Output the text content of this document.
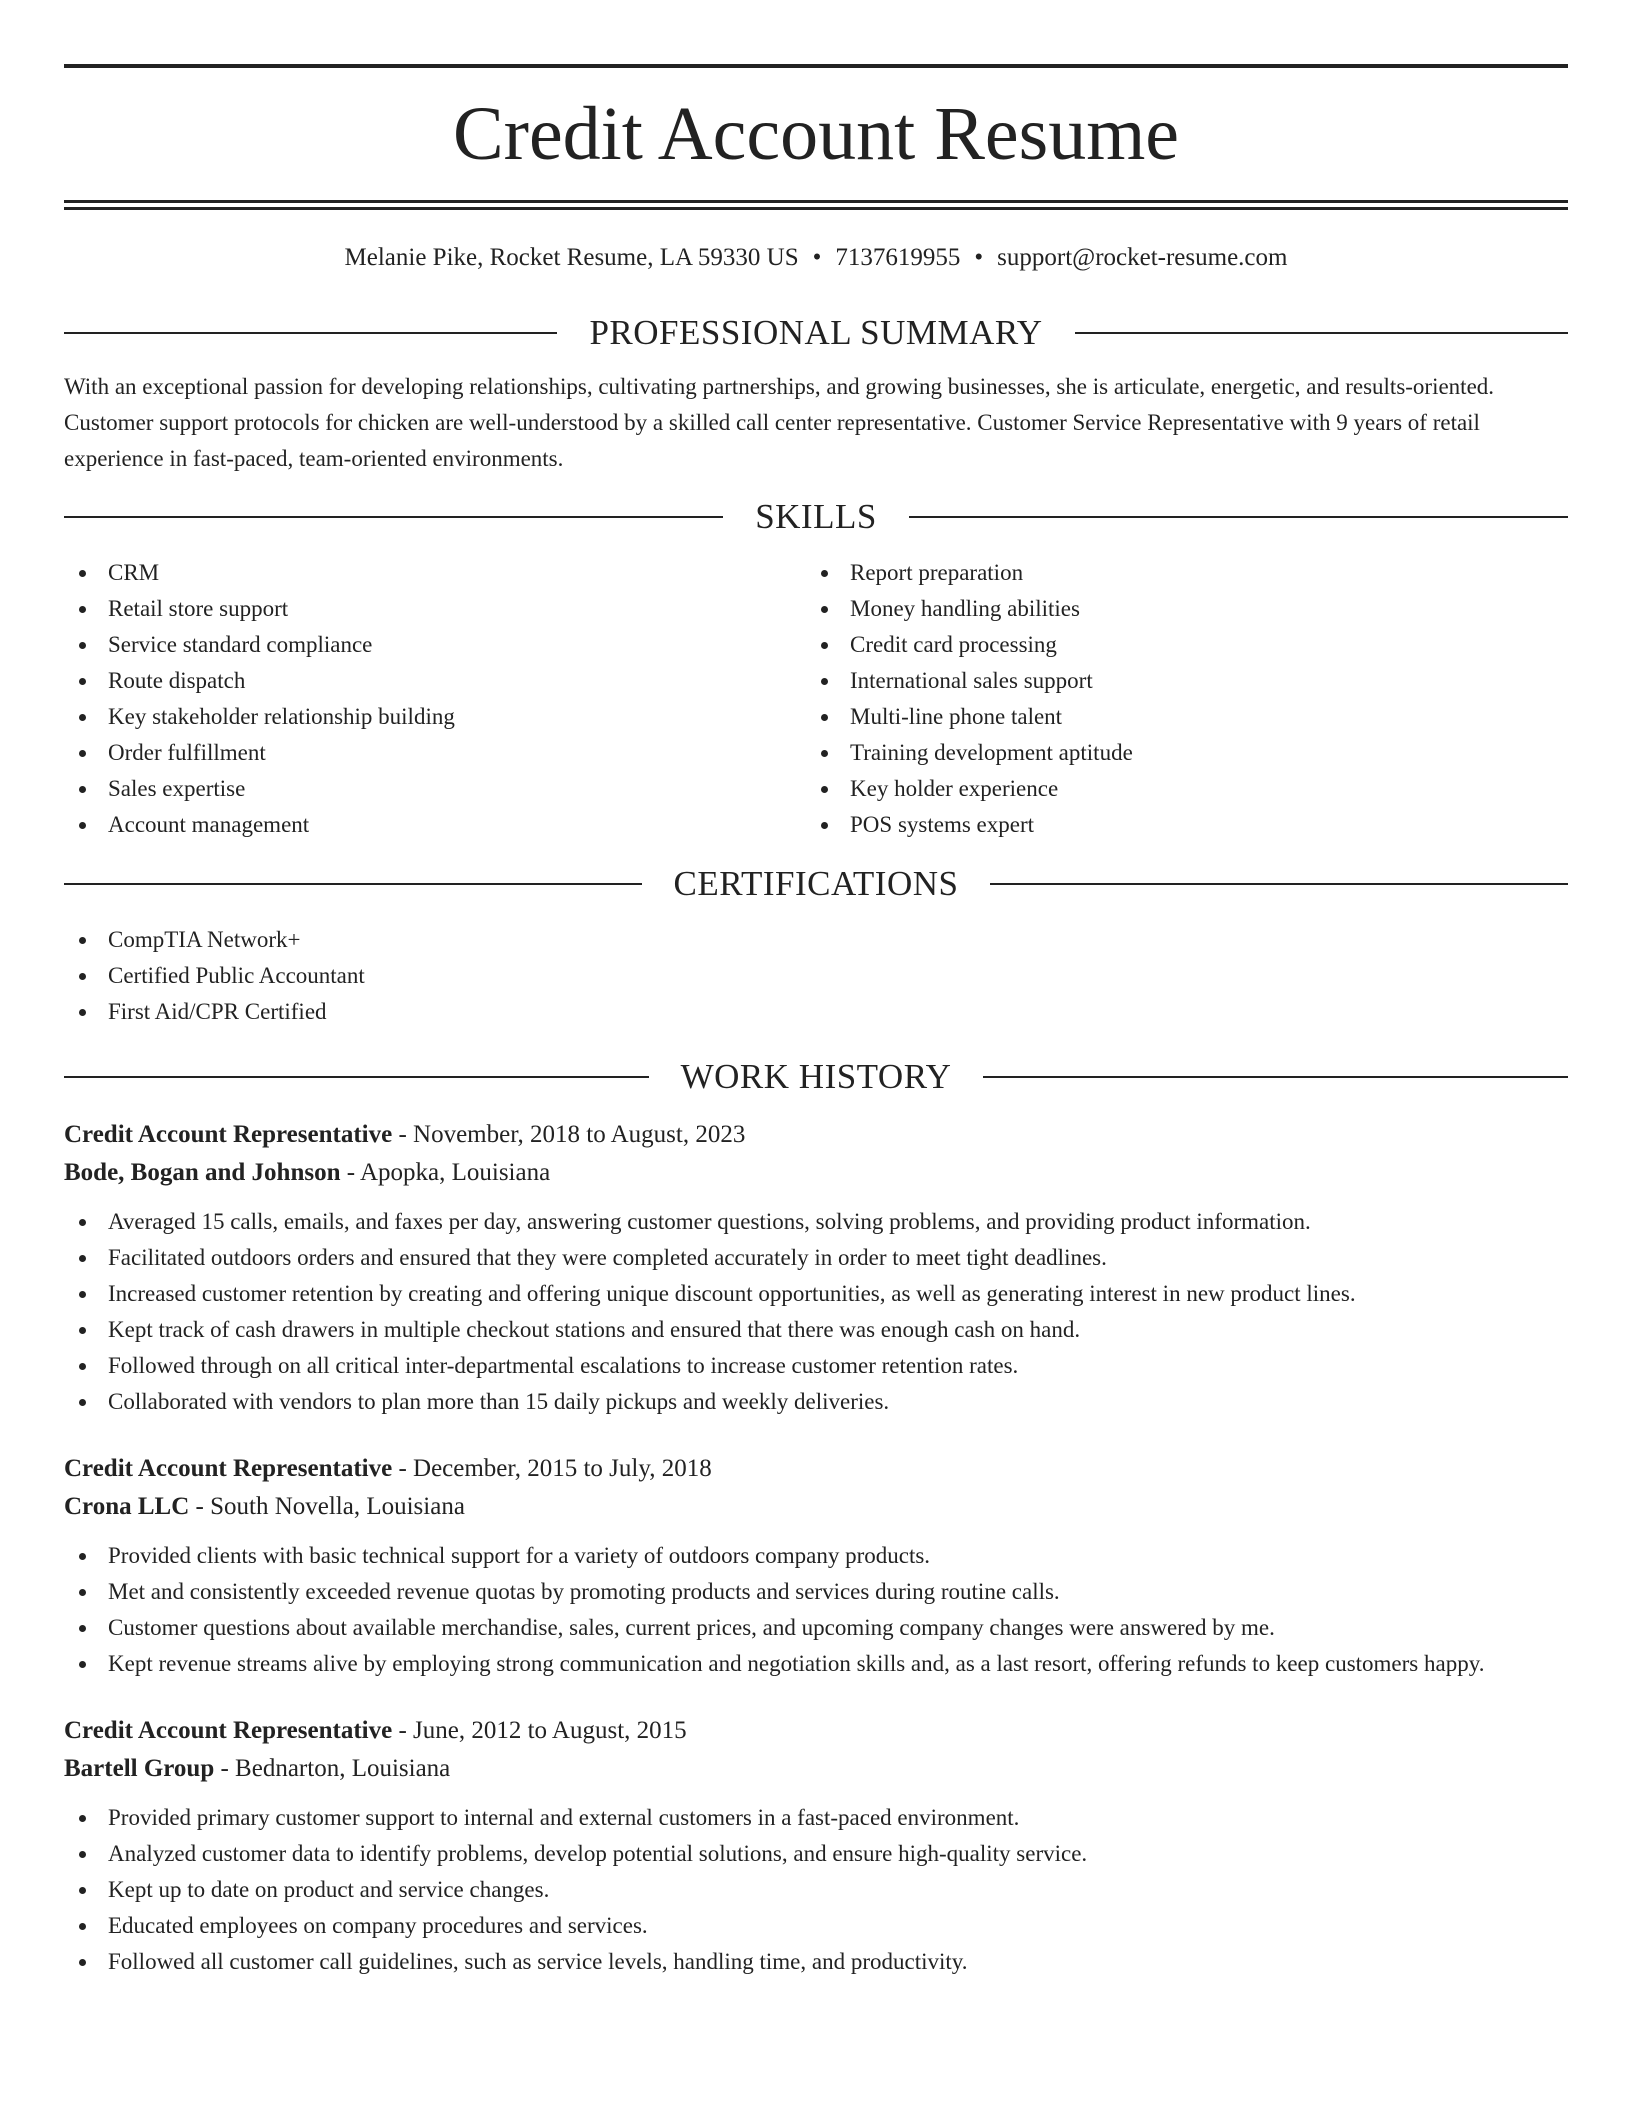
Credit Account Resume
Melanie Pike, Rocket Resume, LA 59330 US • 7137619955 • support@rocket-resume.com
PROFESSIONAL SUMMARY

With an exceptional passion for developing relationships, cultivating partnerships, and growing businesses, she is articulate, energetic, and results-oriented. Customer support protocols for chicken are well-understood by a skilled call center representative. Customer Service Representative with 9 years of retail experience in fast-paced, team-oriented environments.

SKILLS
CRM
Retail store support
Service standard compliance
Route dispatch
Key stakeholder relationship building
Order fulfillment
Sales expertise
Account management
Report preparation
Money handling abilities
Credit card processing
International sales support
Multi-line phone talent
Training development aptitude
Key holder experience
POS systems expert
CERTIFICATIONS
CompTIA Network+
Certified Public Accountant
First Aid/CPR Certified
WORK HISTORY
Credit Account Representative - November, 2018 to August, 2023
Bode, Bogan and Johnson - Apopka, Louisiana
Averaged 15 calls, emails, and faxes per day, answering customer questions, solving problems, and providing product information.
Facilitated outdoors orders and ensured that they were completed accurately in order to meet tight deadlines.
Increased customer retention by creating and offering unique discount opportunities, as well as generating interest in new product lines.
Kept track of cash drawers in multiple checkout stations and ensured that there was enough cash on hand.
Followed through on all critical inter-departmental escalations to increase customer retention rates.
Collaborated with vendors to plan more than 15 daily pickups and weekly deliveries.
Credit Account Representative - December, 2015 to July, 2018
Crona LLC - South Novella, Louisiana
Provided clients with basic technical support for a variety of outdoors company products.
Met and consistently exceeded revenue quotas by promoting products and services during routine calls.
Customer questions about available merchandise, sales, current prices, and upcoming company changes were answered by me.
Kept revenue streams alive by employing strong communication and negotiation skills and, as a last resort, offering refunds to keep customers happy.
Credit Account Representative - June, 2012 to August, 2015
Bartell Group - Bednarton, Louisiana
Provided primary customer support to internal and external customers in a fast-paced environment.
Analyzed customer data to identify problems, develop potential solutions, and ensure high-quality service.
Kept up to date on product and service changes.
Educated employees on company procedures and services.
Followed all customer call guidelines, such as service levels, handling time, and productivity.
